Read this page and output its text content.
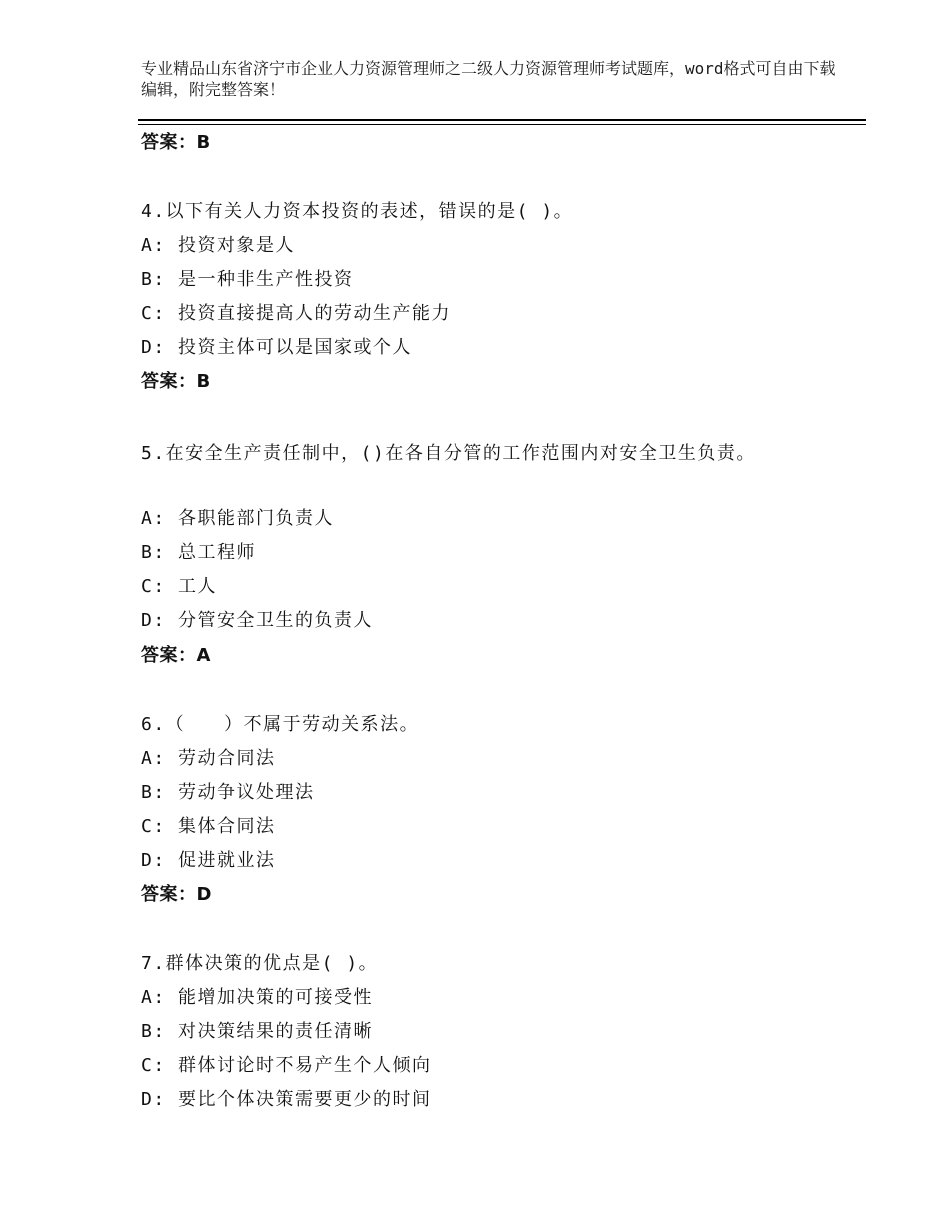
专业精品山东省济宁市企业人力资源管理师之二级人力资源管理师考试题库，word格式可自由下载编辑，附完整答案！
答案：B
4.以下有关人力资本投资的表述，错误的是( )。
A: 投资对象是人
B: 是一种非生产性投资
C: 投资直接提高人的劳动生产能力
D: 投资主体可以是国家或个人
答案：B
5.在安全生产责任制中，()在各自分管的工作范围内对安全卫生负责。
A: 各职能部门负责人
B: 总工程师
C: 工人
D: 分管安全卫生的负责人
答案：A
6.（　　）不属于劳动关系法。
A: 劳动合同法
B: 劳动争议处理法
C: 集体合同法
D: 促进就业法
答案：D
7.群体决策的优点是( )。
A: 能增加决策的可接受性
B: 对决策结果的责任清晰
C: 群体讨论时不易产生个人倾向
D: 要比个体决策需要更少的时间
